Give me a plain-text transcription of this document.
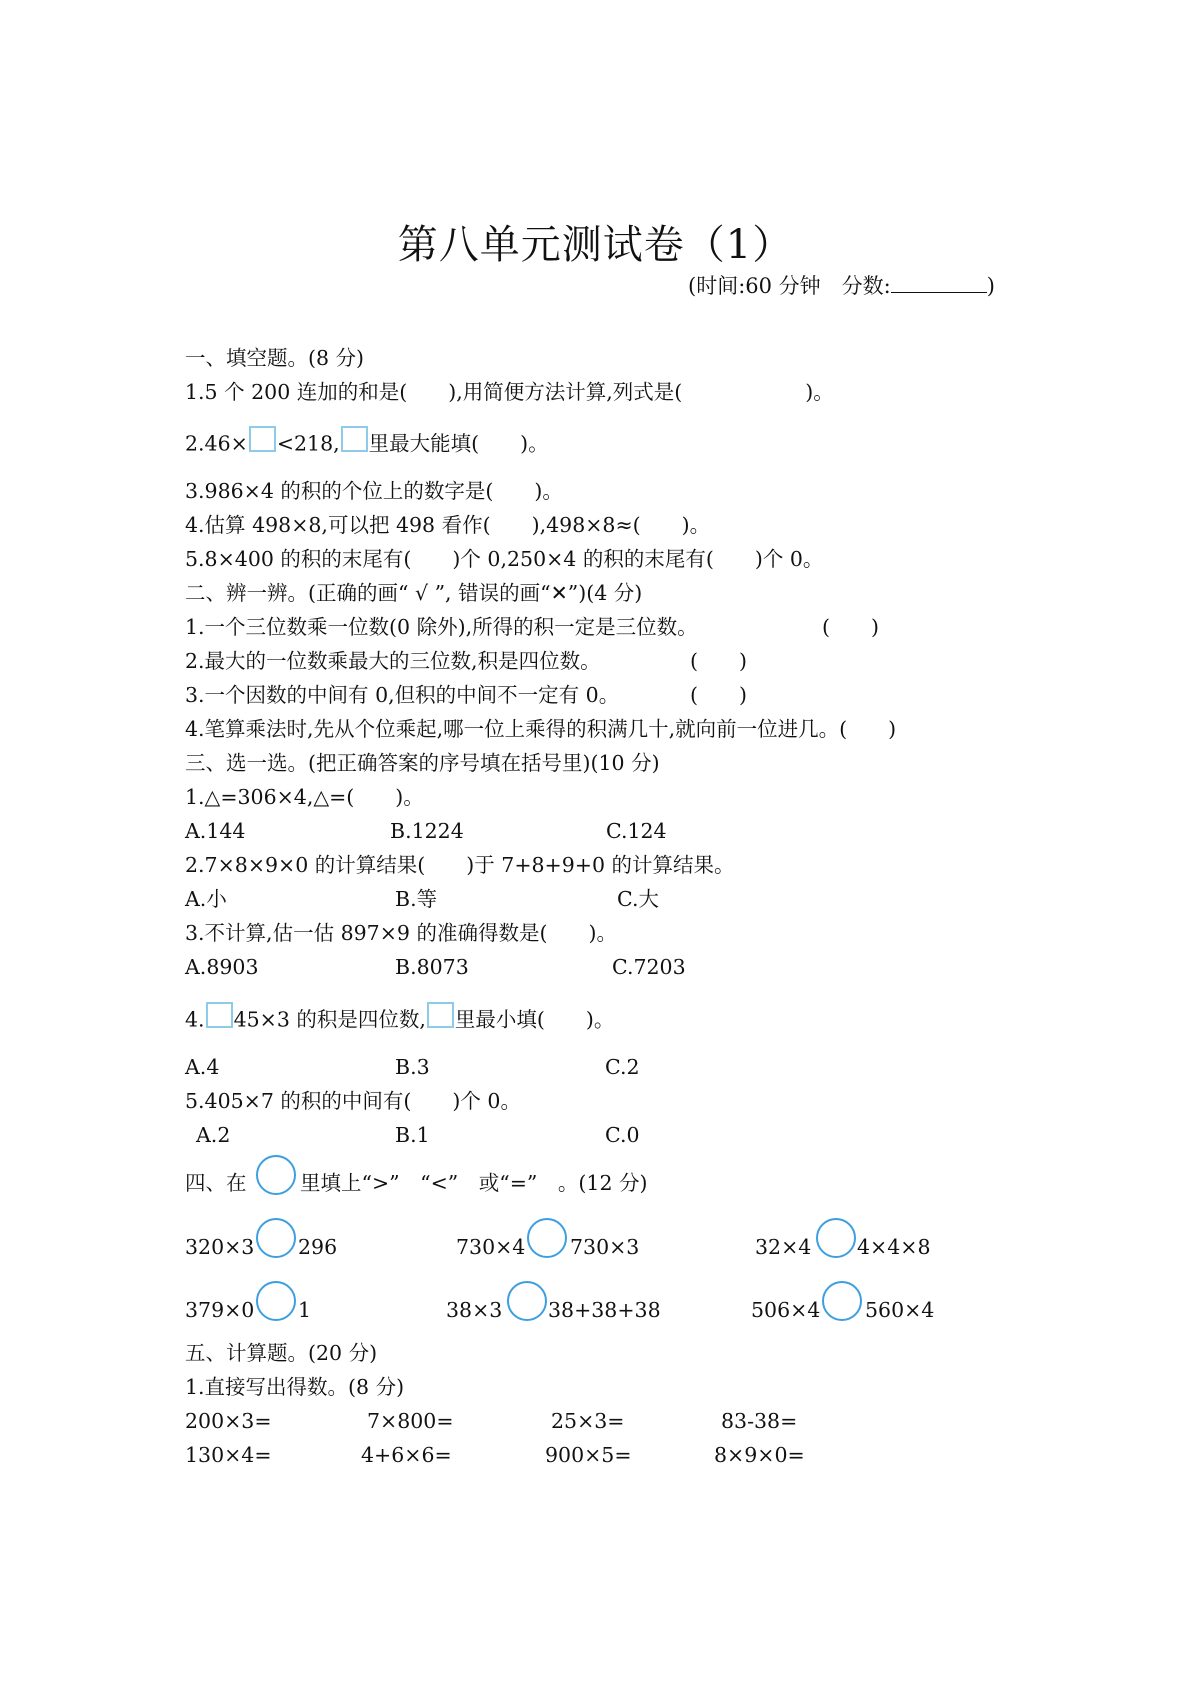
第八单元测试卷（1）
(时间:60 分钟　分数:	)
一、填空题。(8 分)
1.5 个 200 连加的和是(　　),用简便方法计算,列式是(　　　　　　)。
2.46× <218, 里最大能填(　　)。
3.986×4 的积的个位上的数字是(　　)。
4.估算 498×8,可以把 498 看作(　　),498×8≈(　　)。
5.8×400 的积的末尾有(　　)个 0,250×4 的积的末尾有(　　)个 0。
二、辨一辨。(正确的画“ √ ”, 错误的画“✕”)(4 分)
1.一个三位数乘一位数(0 除外),所得的积一定是三位数。	(　　)
2.最大的一位数乘最大的三位数,积是四位数。	(　　)
3.一个因数的中间有 0,但积的中间不一定有 0。	(　　)
4.笔算乘法时,先从个位乘起,哪一位上乘得的积满几十,就向前一位进几。(　　)
三、选一选。(把正确答案的序号填在括号里)(10 分)
1.△=306×4,△=(　　)。
A.144	B.1224	C.124
2.7×8×9×0 的计算结果(　　)于 7+8+9+0 的计算结果。
A.小	B.等	C.大
3.不计算,估一估 897×9 的准确得数是(　　)。
A.8903	B.8073	C.7203
4. 45×3 的积是四位数, 里最小填(　　)。
A.4	B.3	C.2
5.405×7 的积的中间有(　　)个 0。
A.2	B.1	C.0
四、在	里填上“>”　“<”　或“=”　。(12 分)
320×3 296	730×4 730×3	32×4 4×4×8
379×0 1	38×3 38+38+38	506×4 560×4
五、计算题。(20 分)
1.直接写出得数。(8 分)
200×3=	7×800=	25×3=	83-38=
130×4=	4+6×6=	900×5=	8×9×0=
